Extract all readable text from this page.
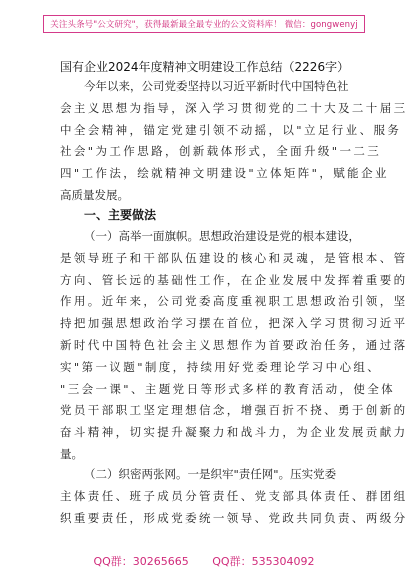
关注头条号"公文研究"，获得最新最全最专业的公文资料库！ 微信：gongwenyj
国有企业2024年度精神文明建设工作总结（2226字）
今年以来，公司党委坚持以习近平新时代中国特色社
会主义思想为指导，深入学习贯彻党的二十大及二十届三
中全会精神，锚定党建引领不动摇，以"立足行业、服务
社会"为工作思路，创新载体形式，全面升级"一二三
四"工作法，绘就精神文明建设"立体矩阵"，赋能企业
高质量发展。
一、主要做法
（一）高举一面旗帜。思想政治建设是党的根本建设，
是领导班子和干部队伍建设的核心和灵魂，是管根本、管
方向、管长远的基础性工作，在企业发展中发挥着重要的
作用。近年来，公司党委高度重视职工思想政治引领，坚
持把加强思想政治学习摆在首位，把深入学习贯彻习近平
新时代中国特色社会主义思想作为首要政治任务，通过落
实"第一议题"制度，持续用好党委理论学习中心组、
"三会一课"、主题党日等形式多样的教育活动，使全体
党员干部职工坚定理想信念，增强百折不挠、勇于创新的
奋斗精神，切实提升凝聚力和战斗力，为企业发展贡献力
量。
（二）织密两张网。一是织牢"责任网"。压实党委
主体责任、班子成员分管责任、党支部具体责任、群团组
织重要责任，形成党委统一领导、党政共同负责、两级分
QQ群：30265665 QQ群：535304092
